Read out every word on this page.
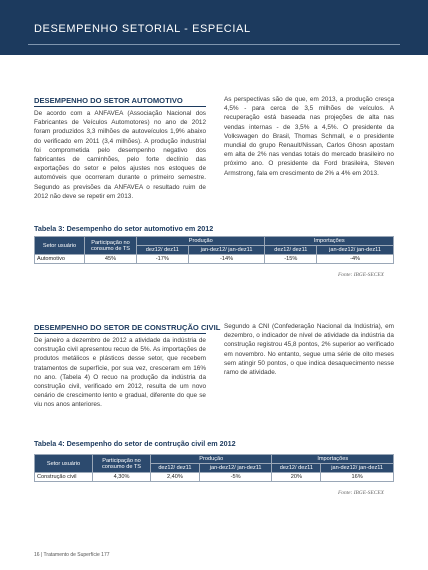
DESEMPENHO SETORIAL - ESPECIAL
DESEMPENHO DO SETOR AUTOMOTIVO
De acordo com a ANFAVEA (Associação Nacional dos Fabricantes de Veículos Automotores) no ano de 2012 foram produzidos 3,3 milhões de autoveículos 1,9% abaixo do verificado em 2011 (3,4 milhões). A produção industrial foi comprometida pelo desempenho negativo dos fabricantes de caminhões, pelo forte declínio das exportações do setor e pelos ajustes nos estoques de automóveis que ocorreram durante o primeiro semestre. Segundo as previsões da ANFAVEA o resultado ruim de 2012 não deve se repetir em 2013.
As perspectivas são de que, em 2013, a produção cresça 4,5% - para cerca de 3,5 milhões de veículos. A recuperação está baseada nas projeções de alta nas vendas internas - de 3,5% a 4,5%. O presidente da Volkswagen do Brasil, Thomas Schmall, e o presidente mundial do grupo Renault/Nissan, Carlos Ghosn apostam em alta de 2% nas vendas totais do mercado brasileiro no próximo ano. O presidente da Ford brasileira, Steven Armstrong, fala em crescimento de 2% a 4% em 2013.
Tabela 3: Desempenho do setor automotivo em 2012
Setor usuário	Participação no consumo de TS	Produção		Importações	
		dez12/ dez11	jan-dez12/ jan-dez11	dez12/ dez11	jan-dez12/ jan-dez11
Automotivo	45%	-17%	-14%	-15%	-4%
Fonte: IBGE-SECEX
DESEMPENHO DO SETOR DE CONSTRUÇÃO CIVIL
De janeiro a dezembro de 2012 a atividade da indústria de construção civil apresentou recuo de 5%. As importações de produtos metálicos e plásticos desse setor, que recebem tratamentos de superfície, por sua vez, cresceram em 16% no ano. (Tabela 4) O recuo na produção da indústria da construção civil, verificado em 2012, resulta de um novo cenário de crescimento lento e gradual, diferente do que se viu nos anos anteriores.
Segundo a CNI (Confederação Nacional da Indústria), em dezembro, o indicador de nível de atividade da indústria da construção registrou 45,8 pontos, 2% superior ao verificado em novembro. No entanto, segue uma série de oito meses sem atingir 50 pontos, o que indica desaquecimento nesse ramo de atividade.
Tabela 4: Desempenho do setor de contrução civil em 2012
Setor usuário	Participação no consumo de TS	Produção		Importações	
		dez12/ dez11	jan-dez12/ jan-dez11	dez12/ dez11	jan-dez12/ jan-dez11
Construção civil	4,30%	2,40%	-5%	20%	16%
Fonte: IBGE-SECEX
16 | Tratamento de Superfície 177
